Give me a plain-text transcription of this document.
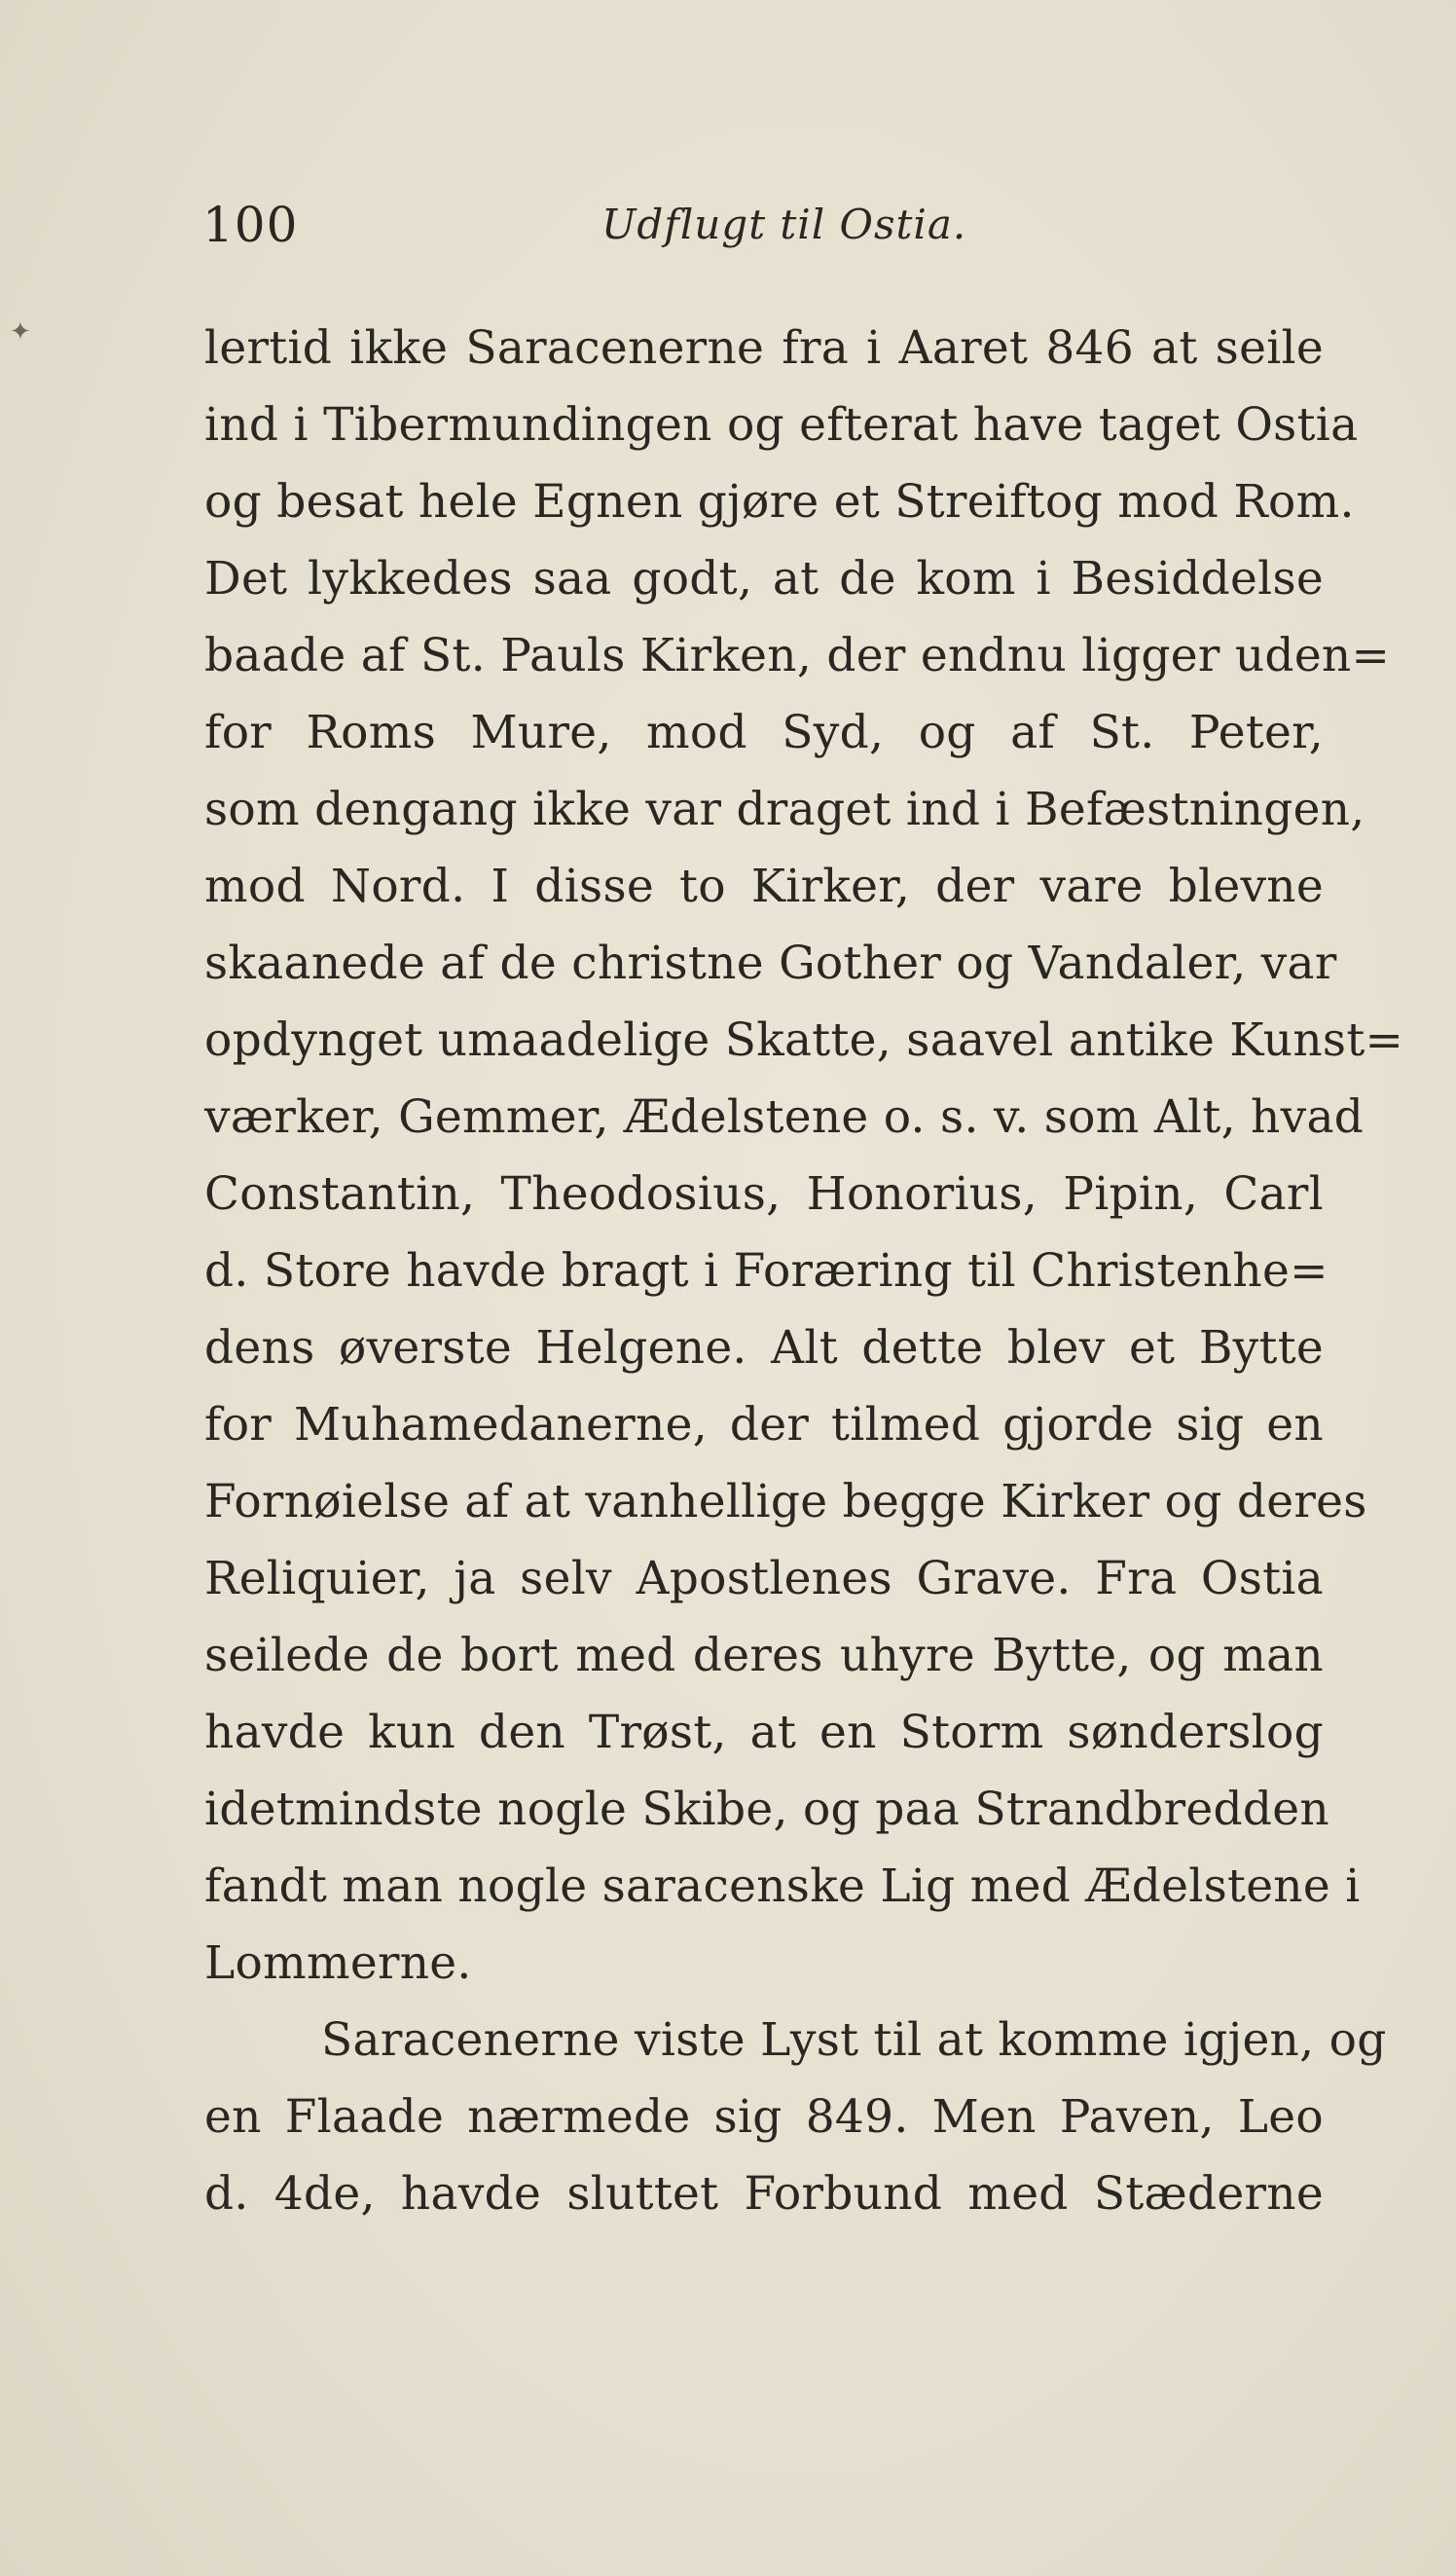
✦
100	Udflugt til Ostia.
lertid ikke Saracenerne fra i Aaret 846 at seile
ind i Tibermundingen og efterat have taget Ostia
og besat hele Egnen gjøre et Streiftog mod Rom.
Det lykkedes saa godt, at de kom i Besiddelse
baade af St. Pauls Kirken, der endnu ligger uden=
for Roms Mure, mod Syd, og af St. Peter,
som dengang ikke var draget ind i Befæstningen,
mod Nord. I disse to Kirker, der vare blevne
skaanede af de christne Gother og Vandaler, var
opdynget umaadelige Skatte, saavel antike Kunst=
værker, Gemmer, Ædelstene o. s. v. som Alt, hvad
Constantin, Theodosius, Honorius, Pipin, Carl
d. Store havde bragt i Foræring til Christenhe=
dens øverste Helgene. Alt dette blev et Bytte
for Muhamedanerne, der tilmed gjorde sig en
Fornøielse af at vanhellige begge Kirker og deres
Reliquier, ja selv Apostlenes Grave. Fra Ostia
seilede de bort med deres uhyre Bytte, og man
havde kun den Trøst, at en Storm sønderslog
idetmindste nogle Skibe, og paa Strandbredden
fandt man nogle saracenske Lig med Ædelstene i
Lommerne.
Saracenerne viste Lyst til at komme igjen, og
en Flaade nærmede sig 849. Men Paven, Leo
d. 4de, havde sluttet Forbund med Stæderne
